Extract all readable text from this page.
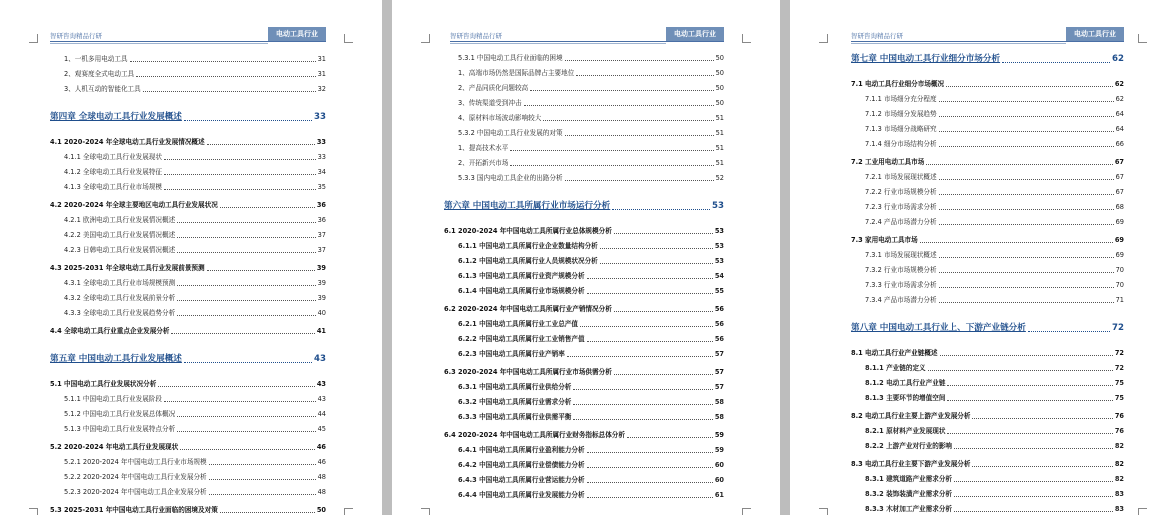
智研咨询精品行研	电动工具行业
1、一机多用电动工具	31
2、观赛度全式电动工具	31
3、人机互动的智能化工具	32
第四章 全球电动工具行业发展概述	33
4.1 2020-2024 年全球电动工具行业发展情况概述	33
4.1.1 全球电动工具行业发展现状	33
4.1.2 全球电动工具行业发展特征	34
4.1.3 全球电动工具行业市场规模	35
4.2 2020-2024 年全球主要地区电动工具行业发展状况	36
4.2.1 欧洲电动工具行业发展情况概述	36
4.2.2 美国电动工具行业发展情况概述	37
4.2.3 日韩电动工具行业发展情况概述	37
4.3 2025-2031 年全球电动工具行业发展前景预测	39
4.3.1 全球电动工具行业市场规模预测	39
4.3.2 全球电动工具行业发展前景分析	39
4.3.3 全球电动工具行业发展趋势分析	40
4.4 全球电动工具行业重点企业发展分析	41
第五章 中国电动工具行业发展概述	43
5.1 中国电动工具行业发展状况分析	43
5.1.1 中国电动工具行业发展阶段	43
5.1.2 中国电动工具行业发展总体概况	44
5.1.3 中国电动工具行业发展特点分析	45
5.2 2020-2024 年电动工具行业发展现状	46
5.2.1 2020-2024 年中国电动工具行业市场规模	46
5.2.2 2020-2024 年中国电动工具行业发展分析	48
5.2.3 2020-2024 年中国电动工具企业发展分析	48
5.3 2025-2031 年中国电动工具行业面临的困境及对策	50
智研咨询精品行研	电动工具行业
5.3.1 中国电动工具行业面临的困境	50
1、高端市场仍然是国际品牌占主要地位	50
2、产品同质化问题较高	50
3、传统渠道受到冲击	50
4、原材料市场波动影响较大	51
5.3.2 中国电动工具行业发展的对策	51
1、提高技术水平	51
2、开拓新兴市场	51
5.3.3 国内电动工具企业的出路分析	52
第六章 中国电动工具所属行业市场运行分析	53
6.1 2020-2024 年中国电动工具所属行业总体规模分析	53
6.1.1 中国电动工具所属行业企业数量结构分析	53
6.1.2 中国电动工具所属行业人员规模状况分析	53
6.1.3 中国电动工具所属行业资产规模分析	54
6.1.4 中国电动工具所属行业市场规模分析	55
6.2 2020-2024 年中国电动工具所属行业产销情况分析	56
6.2.1 中国电动工具所属行业工业总产值	56
6.2.2 中国电动工具所属行业工业销售产值	56
6.2.3 中国电动工具所属行业产销率	57
6.3 2020-2024 年中国电动工具所属行业市场供需分析	57
6.3.1 中国电动工具所属行业供给分析	57
6.3.2 中国电动工具所属行业需求分析	58
6.3.3 中国电动工具所属行业供需平衡	58
6.4 2020-2024 年中国电动工具所属行业财务指标总体分析	59
6.4.1 中国电动工具所属行业盈利能力分析	59
6.4.2 中国电动工具所属行业偿债能力分析	60
6.4.3 中国电动工具所属行业营运能力分析	60
6.4.4 中国电动工具所属行业发展能力分析	61
智研咨询精品行研	电动工具行业
第七章 中国电动工具行业细分市场分析	62
7.1 电动工具行业细分市场概况	62
7.1.1 市场细分充分程度	62
7.1.2 市场细分发展趋势	64
7.1.3 市场细分战略研究	64
7.1.4 细分市场结构分析	66
7.2 工业用电动工具市场	67
7.2.1 市场发展现状概述	67
7.2.2 行业市场规模分析	67
7.2.3 行业市场需求分析	68
7.2.4 产品市场潜力分析	69
7.3 家用电动工具市场	69
7.3.1 市场发展现状概述	69
7.3.2 行业市场规模分析	70
7.3.3 行业市场需求分析	70
7.3.4 产品市场潜力分析	71
第八章 中国电动工具行业上、下游产业链分析	72
8.1 电动工具行业产业链概述	72
8.1.1 产业链的定义	72
8.1.2 电动工具行业产业链	75
8.1.3 主要环节的增值空间	75
8.2 电动工具行业主要上游产业发展分析	76
8.2.1 原材料产业发展现状	76
8.2.2 上游产业对行业的影响	82
8.3 电动工具行业主要下游产业发展分析	82
8.3.1 建筑道路产业需求分析	82
8.3.2 装饰装潢产业需求分析	83
8.3.3 木材加工产业需求分析	83
